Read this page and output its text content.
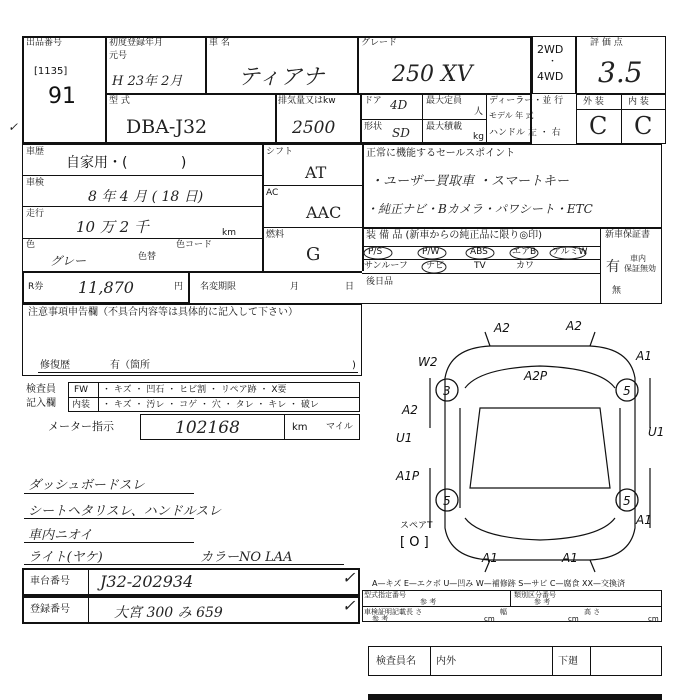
出品番号
[1135]
91
初度登録年月
元号
H 23年 2月
車 名
ティアナ
グレード
250 XV
2WD
・
4WD
評 価 点
3.5
型 式
DBA-J32
排気量又はkw
2500
ドア 4D
形状 SD
最大定員
人
最大積載
kg
ディーラー・並 行
モデル 年 式
ハンドル 左 ・ 右
外 装	内 装
C C
✓
車歴
自家用・(            )
車検
8 年 4 月 ( 18 日)
走行
10 万 2 千	km
色
グレー	色替
色コード
シフト
AT
AC
AAC
燃料
G
R券 11,870	円 名変期限	月	日
正常に機能するセールスポイント
・ユーザー買取車 ・スマートキー
・純正ナビ・Bカメラ・パワシート・ETC
装 備 品 (新車からの純正品に限り◎印)	新車保証書
有
車内
保証無効
無
P/S	P/W	ABS	エアB アルミW
サンルーフ ナビ	TV	カワ
後日品
注意事項申告欄（不具合内容等は具体的に記入して下さい）
修復歴	有（箇所	)
検査員
記入欄
FW ・ キズ ・ 凹石 ・ ヒビ割 ・ リペア跡 ・ X要
内装 ・ キズ ・ 汚レ ・ コゲ ・ 穴 ・ タレ ・ キレ ・ 破レ
メーター指示	102168	km マイル
ダッシュボードスレ
シートヘタリスレ、ハンドルスレ
車内ニオイ
ライト(ヤケ)	カラーNO LAA
A2	A2
W2
A2P
A1
3	5
A2
U1	U1
A1P
5	5
A1
A1	A1
スペアT
[ O ]
A—キズ E—エクボ U—凹み W—補修跡 S—サビ C—腐食 XX—交換済
車台番号 J32-202934	✓
登録番号	大宮 300 み 659	✓
型式指定番号
参 考
類別区分番号
参 考
車検証明記載
参 考
長 さ
cm
幅
cm
高 さ
cm
検査員名 内外	下廻
